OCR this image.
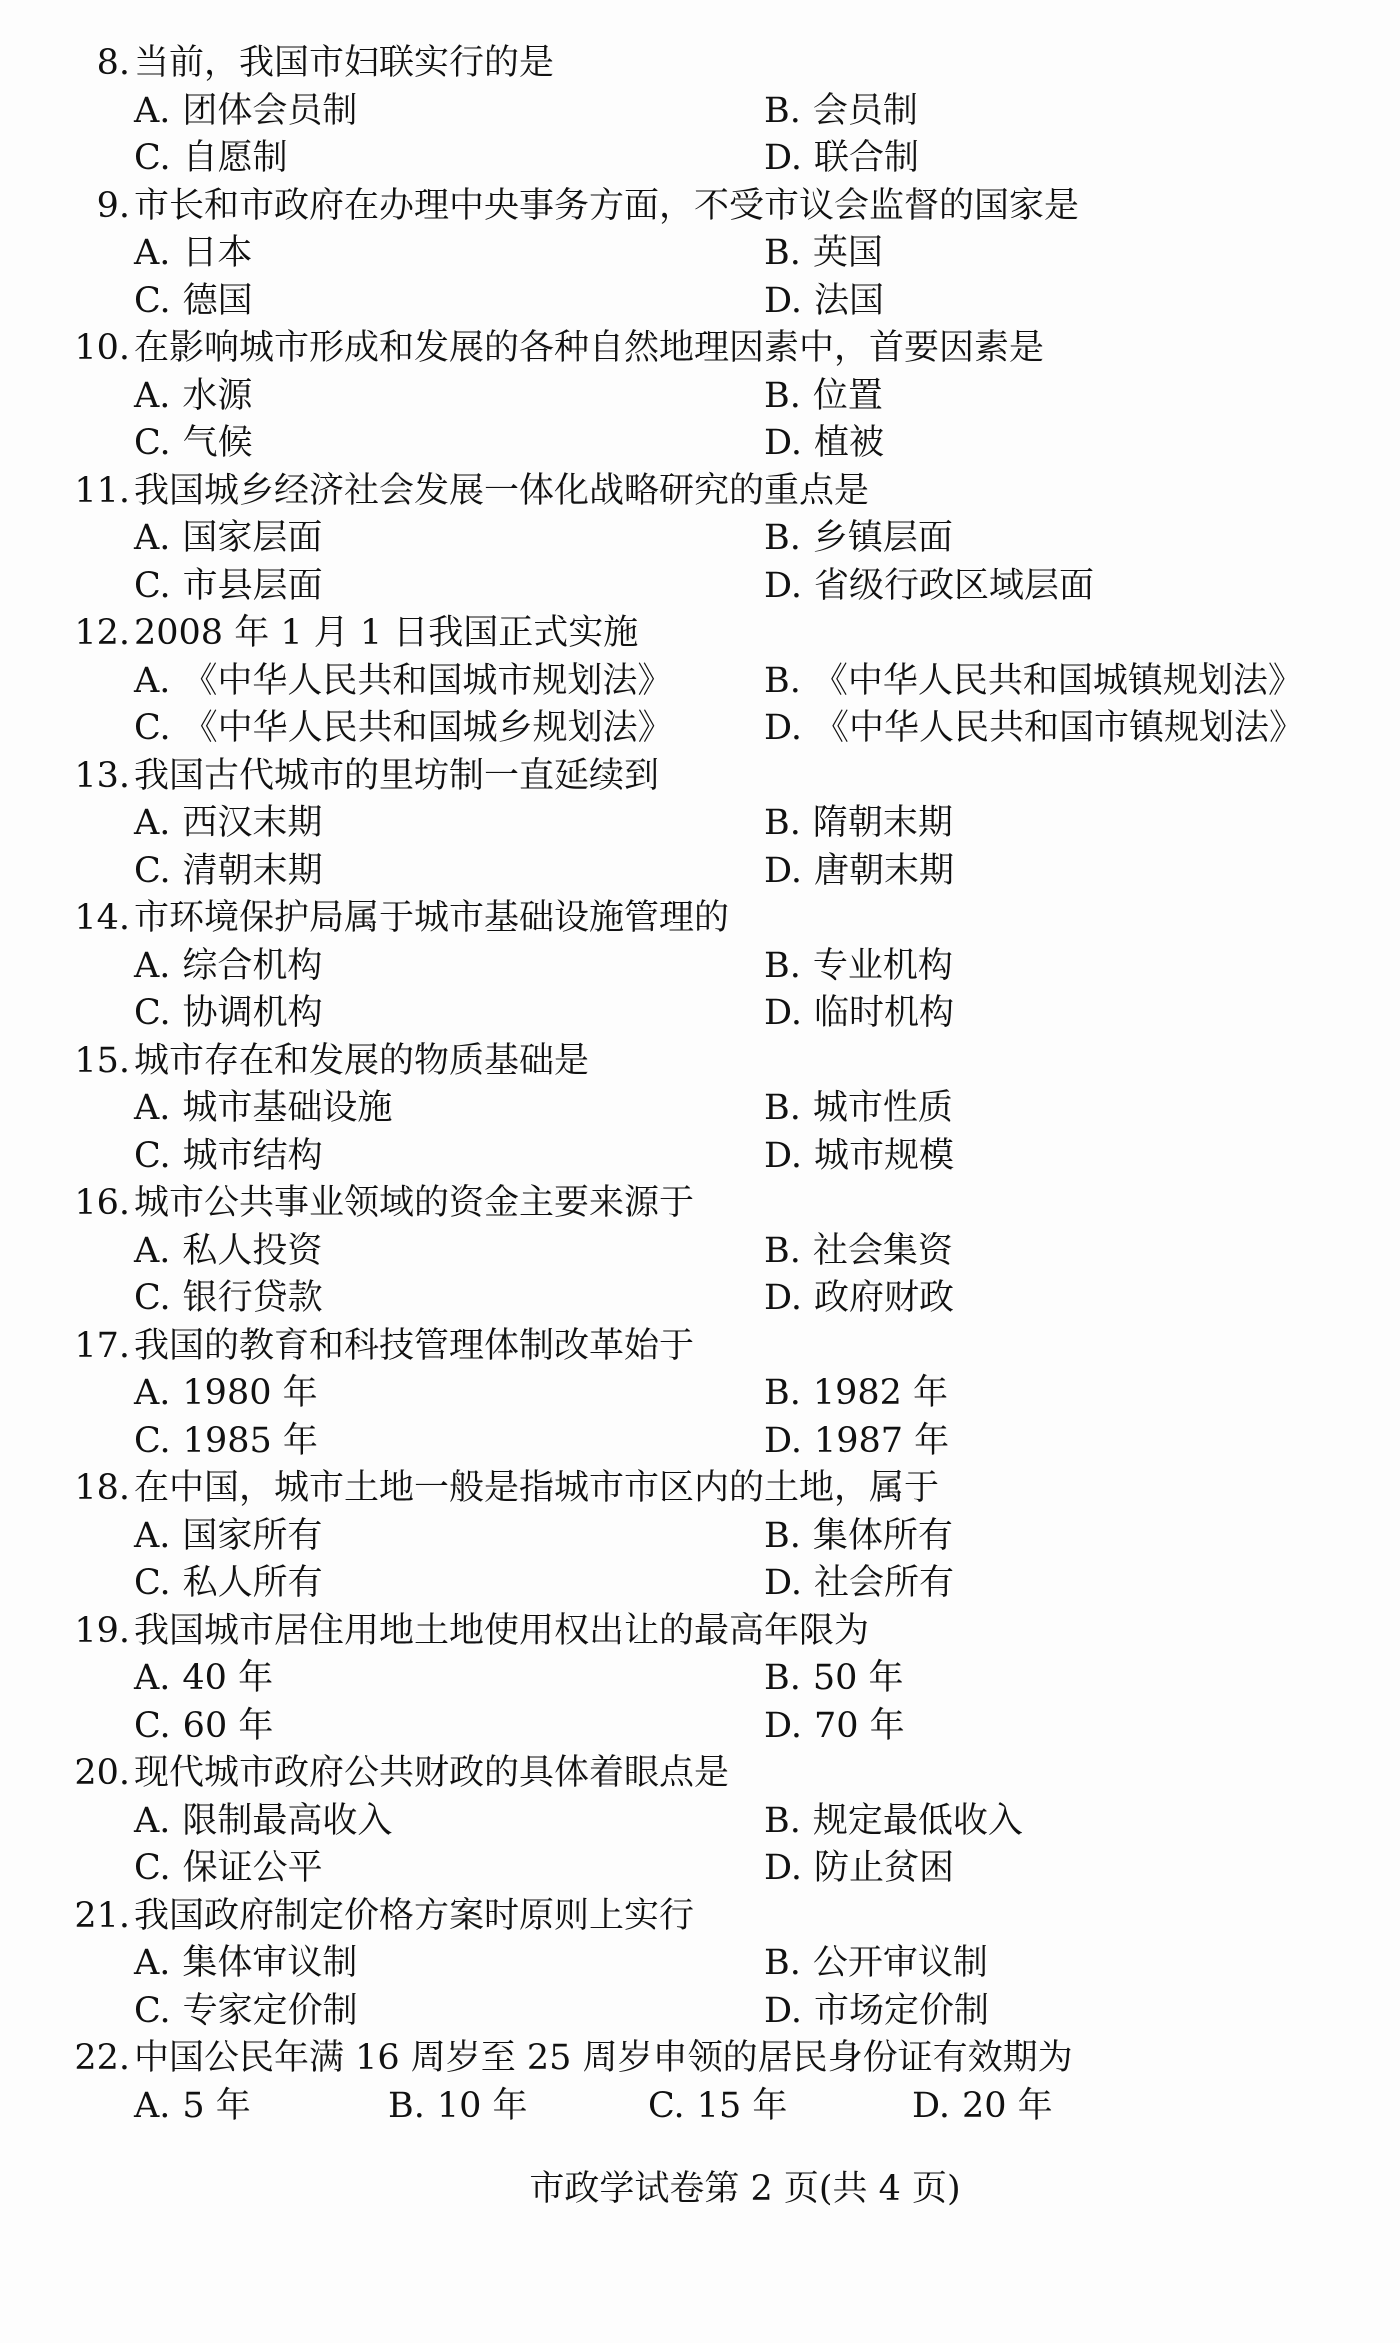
8. 当前，我国市妇联实行的是
A. 团体会员制	B. 会员制
C. 自愿制	D. 联合制
9. 市长和市政府在办理中央事务方面，不受市议会监督的国家是
A. 日本	B. 英国
C. 德国	D. 法国
10. 在影响城市形成和发展的各种自然地理因素中，首要因素是
A. 水源	B. 位置
C. 气候	D. 植被
11. 我国城乡经济社会发展一体化战略研究的重点是
A. 国家层面	B. 乡镇层面
C. 市县层面	D. 省级行政区域层面
12. 2008 年 1 月 1 日我国正式实施
A. 《中华人民共和国城市规划法》	B. 《中华人民共和国城镇规划法》
C. 《中华人民共和国城乡规划法》	D. 《中华人民共和国市镇规划法》
13. 我国古代城市的里坊制一直延续到
A. 西汉末期	B. 隋朝末期
C. 清朝末期	D. 唐朝末期
14. 市环境保护局属于城市基础设施管理的
A. 综合机构	B. 专业机构
C. 协调机构	D. 临时机构
15. 城市存在和发展的物质基础是
A. 城市基础设施	B. 城市性质
C. 城市结构	D. 城市规模
16. 城市公共事业领域的资金主要来源于
A. 私人投资	B. 社会集资
C. 银行贷款	D. 政府财政
17. 我国的教育和科技管理体制改革始于
A. 1980 年	B. 1982 年
C. 1985 年	D. 1987 年
18. 在中国，城市土地一般是指城市市区内的土地，属于
A. 国家所有	B. 集体所有
C. 私人所有	D. 社会所有
19. 我国城市居住用地土地使用权出让的最高年限为
A. 40 年	B. 50 年
C. 60 年	D. 70 年
20. 现代城市政府公共财政的具体着眼点是
A. 限制最高收入	B. 规定最低收入
C. 保证公平	D. 防止贫困
21. 我国政府制定价格方案时原则上实行
A. 集体审议制	B. 公开审议制
C. 专家定价制	D. 市场定价制
22. 中国公民年满 16 周岁至 25 周岁申领的居民身份证有效期为
A. 5 年	B. 10 年	C. 15 年	D. 20 年
市政学试卷第 2 页(共 4 页)
